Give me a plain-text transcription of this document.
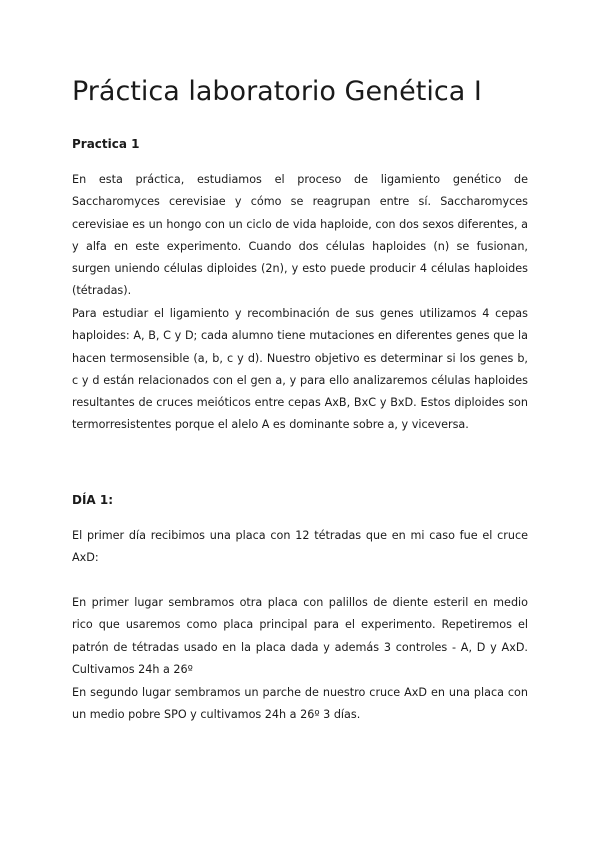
Práctica laboratorio Genética I
Practica 1

En esta práctica, estudiamos el proceso de ligamiento genético de Saccharomyces cerevisiae y cómo se reagrupan entre sí. Saccharomyces cerevisiae es un hongo con un ciclo de vida haploide, con dos sexos diferentes, a y alfa en este experimento. Cuando dos células haploides (n) se fusionan, surgen uniendo células diploides (2n), y esto puede producir 4 células haploides (tétradas).

Para estudiar el ligamiento y recombinación de sus genes utilizamos 4 cepas haploides: A, B, C y D; cada alumno tiene mutaciones en diferentes genes que la hacen termosensible (a, b, c y d). Nuestro objetivo es determinar si los genes b, c y d están relacionados con el gen a, y para ello analizaremos células haploides resultantes de cruces meióticos entre cepas AxB, BxC y BxD. Estos diploides son termorresistentes porque el alelo A es dominante sobre a, y viceversa.

DÍA 1:

El primer día recibimos una placa con 12 tétradas que en mi caso fue el cruce AxD:

En primer lugar sembramos otra placa con palillos de diente esteril en medio rico que usaremos como placa principal para el experimento. Repetiremos el patrón de tétradas usado en la placa dada y además 3 controles - A, D y AxD. Cultivamos 24h a 26º

En segundo lugar sembramos un parche de nuestro cruce AxD en una placa con un medio pobre SPO y cultivamos 24h a 26º 3 días.
